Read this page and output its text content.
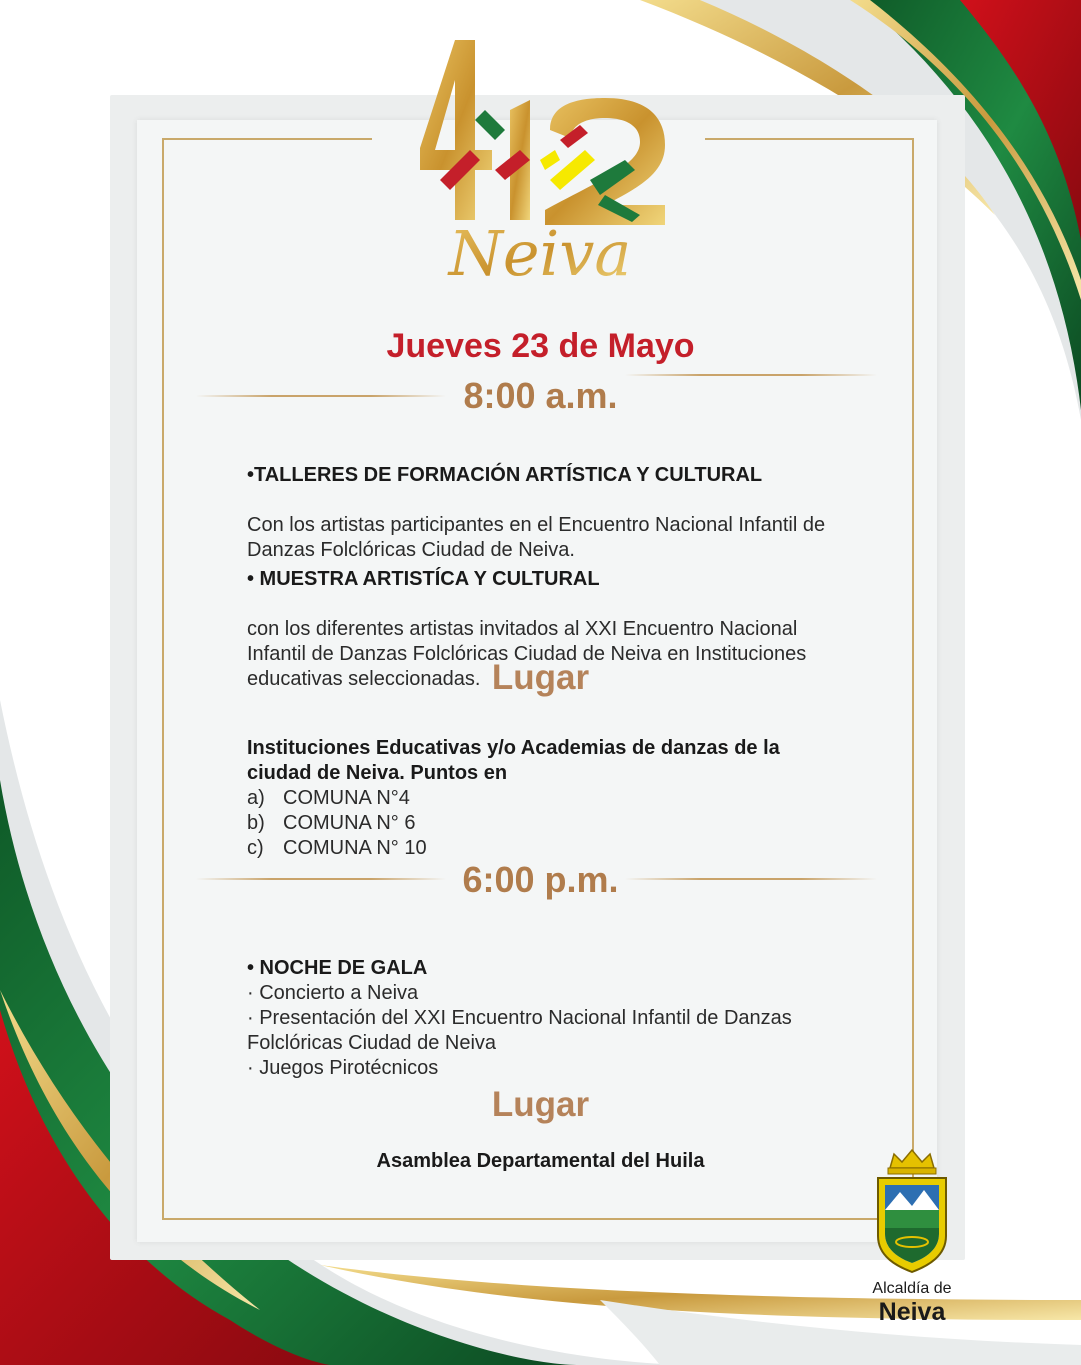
Neiva
412
Jueves 23 de Mayo
8:00 a.m.

•TALLERES DE FORMACIÓN ARTÍSTICA Y CULTURAL

Con los artistas participantes en el Encuentro Nacional Infantil de Danzas Folclóricas Ciudad de Neiva.

• MUESTRA ARTISTÍCA Y CULTURAL

con los diferentes artistas invitados al XXI Encuentro Nacional Infantil de Danzas Folclóricas Ciudad de Neiva en Instituciones educativas seleccionadas. Lugar

Instituciones Educativas y/o Academias de danzas de la ciudad de Neiva. Puntos en

a) COMUNA N°4
b) COMUNA N° 6
c) COMUNA N° 10

6:00 p.m.

• NOCHE DE GALA

· Concierto a Neiva
· Presentación del XXI Encuentro Nacional Infantil de Danzas Folclóricas Ciudad de Neiva
· Juegos Pirotécnicos

Lugar
Asamblea Departamental del Huila
Alcaldía de
Neiva
